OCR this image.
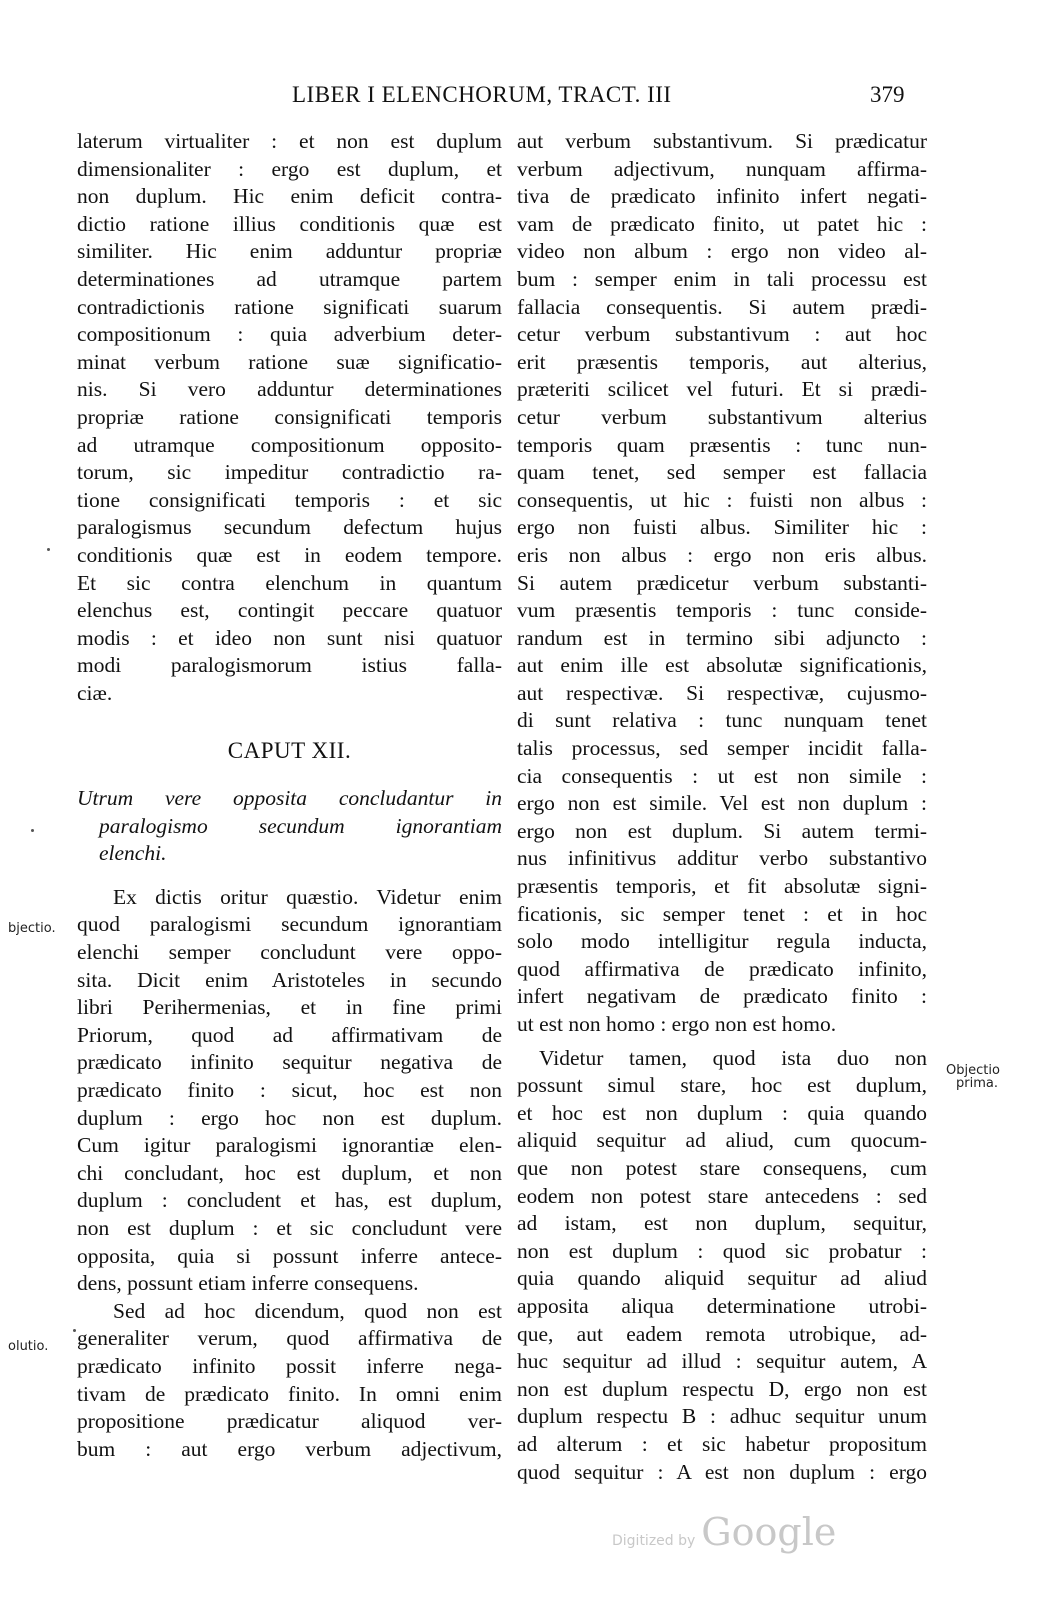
LIBER I ELENCHORUM, TRACT. III	379

laterum virtualiter : et non est duplum
dimensionaliter : ergo est duplum, et
non duplum. Hic enim deficit contra-
dictio ratione illius conditionis quæ est
similiter. Hic enim adduntur propriæ
determinationes ad utramque partem
contradictionis ratione significati suarum
compositionum : quia adverbium deter-
minat verbum ratione suæ significatio-
nis. Si vero adduntur determinationes
propriæ ratione consignificati temporis
ad utramque compositionum opposito-
torum, sic impeditur contradictio ra-
tione consignificati temporis : et sic
paralogismus secundum defectum hujus
conditionis quæ est in eodem tempore.
Et sic contra elenchum in quantum
elenchus est, contingit peccare quatuor
modis : et ideo non sunt nisi quatuor
modi paralogismorum istius falla-
ciæ.

CAPUT XII.

Utrum vere opposita concludantur in
paralogismo secundum ignorantiam
elenchi.

Ex dictis oritur quæstio. Videtur enim
quod paralogismi secundum ignorantiam
elenchi semper concludunt vere oppo-
sita. Dicit enim Aristoteles in secundo
libri Perihermenias, et in fine primi
Priorum, quod ad affirmativam de
prædicato infinito sequitur negativa de
prædicato finito : sicut, hoc est non
duplum : ergo hoc non est duplum.
Cum igitur paralogismi ignorantiæ elen-
chi concludant, hoc est duplum, et non
duplum : concludent et has, est duplum,
non est duplum : et sic concludunt vere
opposita, quia si possunt inferre antece-
dens, possunt etiam inferre consequens.

Sed ad hoc dicendum, quod non est
generaliter verum, quod affirmativa de
prædicato infinito possit inferre nega-
tivam de prædicato finito. In omni enim
propositione prædicatur aliquod ver-
bum : aut ergo verbum adjectivum,

aut verbum substantivum. Si prædicatur
verbum adjectivum, nunquam affirma-
tiva de prædicato infinito infert negati-
vam de prædicato finito, ut patet hic :
video non album : ergo non video al-
bum : semper enim in tali processu est
fallacia consequentis. Si autem prædi-
cetur verbum substantivum : aut hoc
erit præsentis temporis, aut alterius,
præteriti scilicet vel futuri. Et si prædi-
cetur verbum substantivum alterius
temporis quam præsentis : tunc nun-
quam tenet, sed semper est fallacia
consequentis, ut hic : fuisti non albus :
ergo non fuisti albus. Similiter hic :
eris non albus : ergo non eris albus.
Si autem prædicetur verbum substanti-
vum præsentis temporis : tunc conside-
randum est in termino sibi adjuncto :
aut enim ille est absolutæ significationis,
aut respectivæ. Si respectivæ, cujusmo-
di sunt relativa : tunc nunquam tenet
talis processus, sed semper incidit falla-
cia consequentis : ut est non simile :
ergo non est simile. Vel est non duplum :
ergo non est duplum. Si autem termi-
nus infinitivus additur verbo substantivo
præsentis temporis, et fit absolutæ signi-
ficationis, sic semper tenet : et in hoc
solo modo intelligitur regula inducta,
quod affirmativa de prædicato infinito,
infert negativam de prædicato finito :
ut est non homo : ergo non est homo.

Videtur tamen, quod ista duo non
possunt simul stare, hoc est duplum,
et hoc est non duplum : quia quando
aliquid sequitur ad aliud, cum quocum-
que non potest stare consequens, cum
eodem non potest stare antecedens : sed
ad istam, est non duplum, sequitur,
non est duplum : quod sic probatur :
quia quando aliquid sequitur ad aliud
apposita aliqua determinatione utrobi-
que, aut eadem remota utrobique, ad-
huc sequitur ad illud : sequitur autem, A
non est duplum respectu D, ergo non est
duplum respectu B : adhuc sequitur unum
ad alterum : et sic habetur propositum
quod sequitur : A est non duplum : ergo

bjectio.
olutio.
Objectio
prima.
Digitized by Google
